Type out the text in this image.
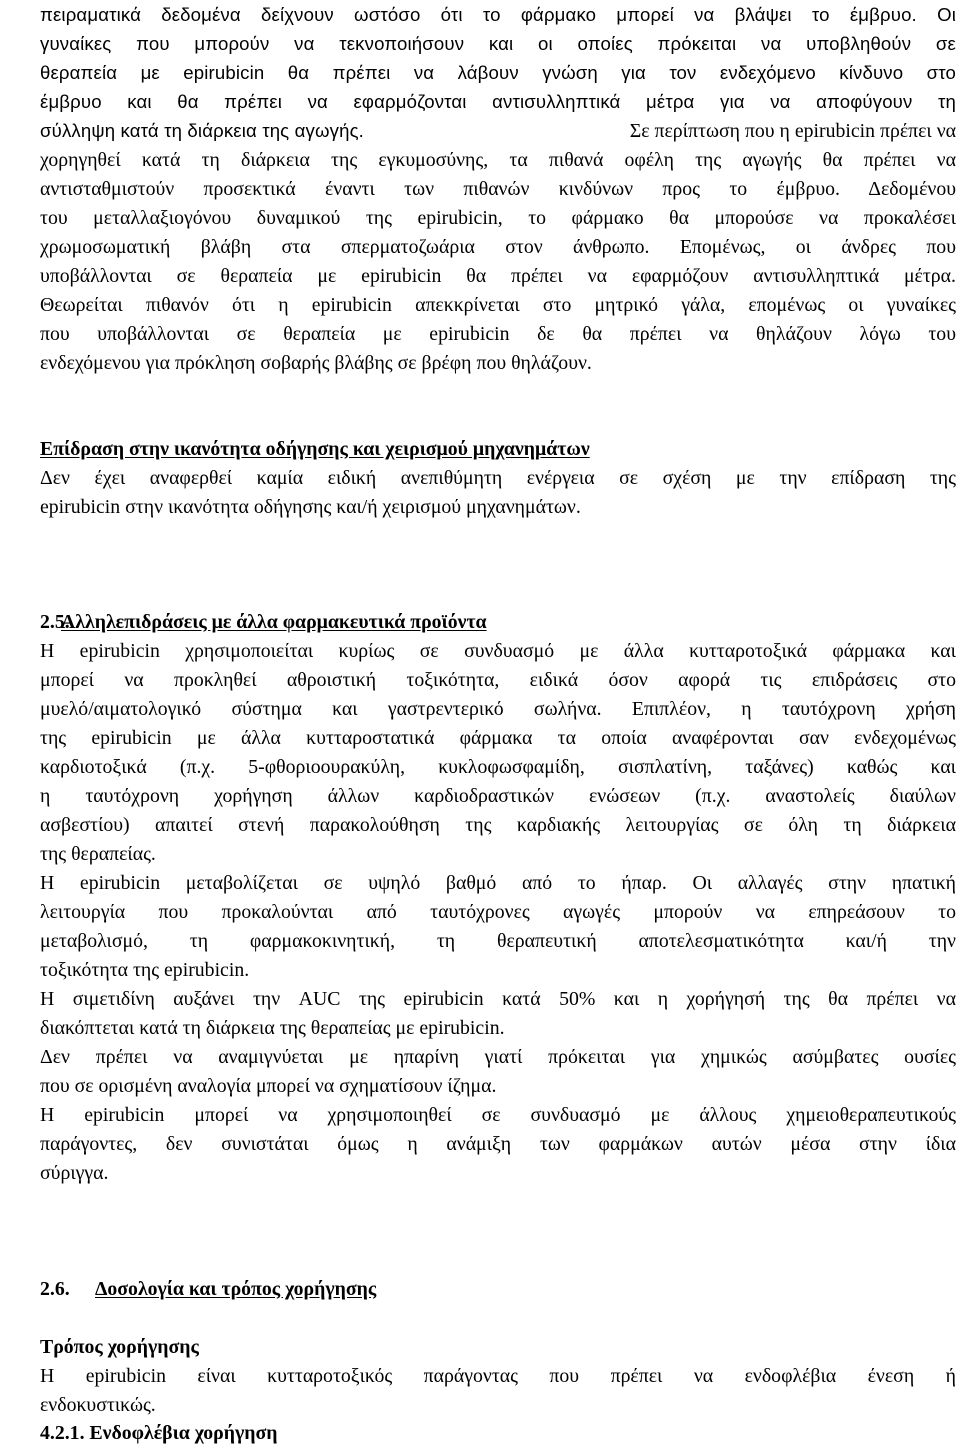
πειραματικά δεδομένα δείχνουν ωστόσο ότι το φάρμακο μπορεί να βλάψει το έμβρυο. Οι
γυναίκες που μπορούν να τεκνοποιήσουν και οι οποίες πρόκειται να υποβληθούν σε
θεραπεία με epirubicin θα πρέπει να λάβουν γνώση για τον ενδεχόμενο κίνδυνο στο
έμβρυο και θα πρέπει να εφαρμόζονται αντισυλληπτικά μέτρα για να αποφύγουν τη
σύλληψη κατά τη διάρκεια της αγωγής.	Σε περίπτωση που η epirubicin πρέπει να
χορηγηθεί κατά τη διάρκεια της εγκυμοσύνης, τα πιθανά οφέλη της αγωγής θα πρέπει να
αντισταθμιστούν προσεκτικά έναντι των πιθανών κινδύνων προς το έμβρυο. Δεδομένου
του μεταλλαξιογόνου δυναμικού της epirubicin, το φάρμακο θα μπορούσε να προκαλέσει
χρωμοσωματική βλάβη στα σπερματοζωάρια στον άνθρωπο. Επομένως, οι άνδρες που
υποβάλλονται σε θεραπεία με epirubicin θα πρέπει να εφαρμόζουν αντισυλληπτικά μέτρα.
Θεωρείται πιθανόν ότι η epirubicin απεκκρίνεται στο μητρικό γάλα, επομένως οι γυναίκες
που υποβάλλονται σε θεραπεία με epirubicin δε θα πρέπει να θηλάζουν λόγω του
ενδεχόμενου για πρόκληση σοβαρής βλάβης σε βρέφη που θηλάζουν.
Επίδραση στην ικανότητα οδήγησης και χειρισμού μηχανημάτων
Δεν έχει αναφερθεί καμία ειδική ανεπιθύμητη ενέργεια σε σχέση με την επίδραση της
epirubicin στην ικανότητα οδήγησης και/ή χειρισμού μηχανημάτων.
2.5.
Αλληλεπιδράσεις με άλλα φαρμακευτικά προϊόντα
Η epirubicin χρησιμοποιείται κυρίως σε συνδυασμό με άλλα κυτταροτοξικά φάρμακα και
μπορεί να προκληθεί αθροιστική τοξικότητα, ειδικά όσον αφορά τις επιδράσεις στο
μυελό/αιματολογικό σύστημα και γαστρεντερικό σωλήνα. Επιπλέον, η ταυτόχρονη χρήση
της epirubicin με άλλα κυτταροστατικά φάρμακα τα οποία αναφέρονται σαν ενδεχομένως
καρδιοτοξικά (π.χ. 5-φθοριοουρακύλη, κυκλοφωσφαμίδη, σισπλατίνη, ταξάνες) καθώς και
η ταυτόχρονη χορήγηση άλλων καρδιοδραστικών ενώσεων (π.χ. αναστολείς διαύλων
ασβεστίου) απαιτεί στενή παρακολούθηση της καρδιακής λειτουργίας σε όλη τη διάρκεια
της θεραπείας.
Η epirubicin μεταβολίζεται σε υψηλό βαθμό από το ήπαρ. Οι αλλαγές στην ηπατική
λειτουργία που προκαλούνται από ταυτόχρονες αγωγές μπορούν να επηρεάσουν το
μεταβολισμό, τη φαρμακοκινητική, τη θεραπευτική αποτελεσματικότητα και/ή την
τοξικότητα της epirubicin.
Η σιμετιδίνη αυξάνει την AUC της epirubicin κατά 50% και η χορήγησή της θα πρέπει να
διακόπτεται κατά τη διάρκεια της θεραπείας με epirubicin.
Δεν πρέπει να αναμιγνύεται με ηπαρίνη γιατί πρόκειται για χημικώς ασύμβατες ουσίες
που σε ορισμένη αναλογία μπορεί να σχηματίσουν ίζημα.
Η epirubicin μπορεί να χρησιμοποιηθεί σε συνδυασμό με άλλους χημειοθεραπευτικούς
παράγοντες, δεν συνιστάται όμως η ανάμιξη των φαρμάκων αυτών μέσα στην ίδια
σύριγγα.
2.6. Δοσολογία και τρόπος χορήγησης
Τρόπος χορήγησης
Η epirubicin είναι κυτταροτοξικός παράγοντας που πρέπει να ενδοφλέβια ένεση ή
ενδοκυστικώς.
4.2.1. Ενδοφλέβια χορήγηση
